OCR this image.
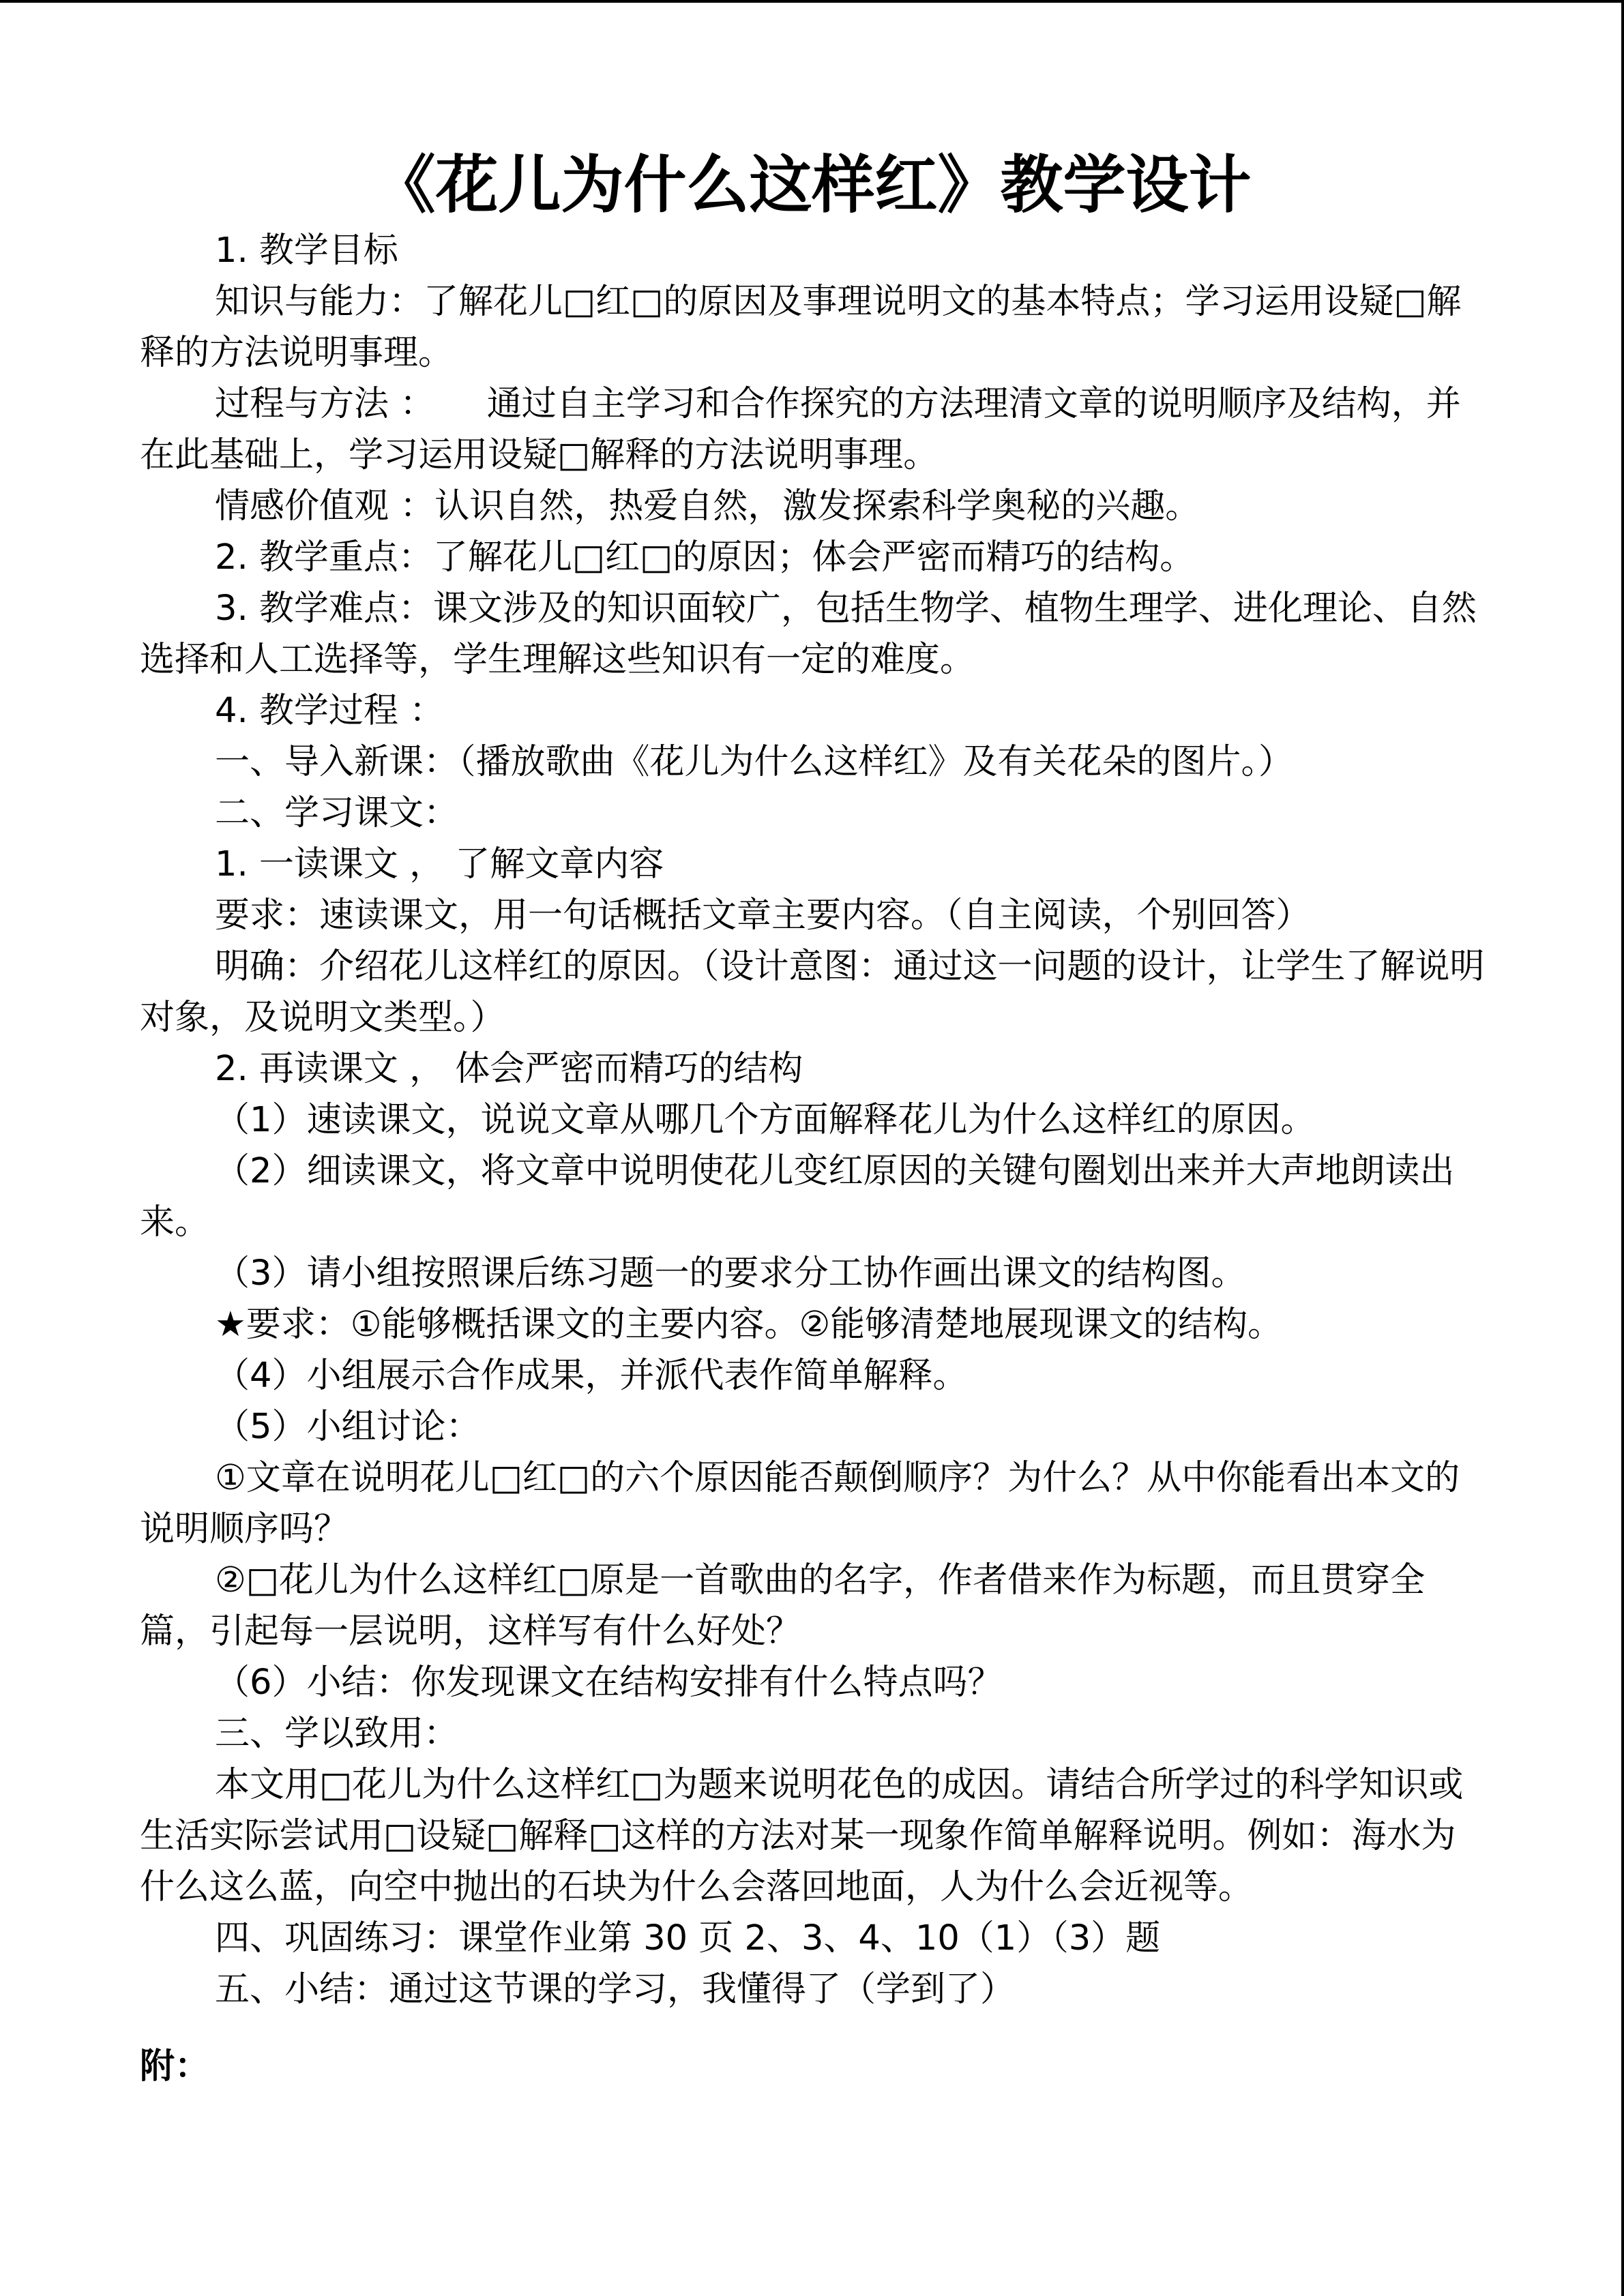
《花儿为什么这样红》教学设计

1. 教学目标

知识与能力：了解花儿□红□的原因及事理说明文的基本特点；学习运用设疑□解释的方法说明事理。

过程与方法 ：　　通过自主学习和合作探究的方法理清文章的说明顺序及结构，并在此基础上，学习运用设疑□解释的方法说明事理。

情感价值观 ：认识自然，热爱自然，激发探索科学奥秘的兴趣。

2. 教学重点：了解花儿□红□的原因；体会严密而精巧的结构。

3. 教学难点：课文涉及的知识面较广，包括生物学、植物生理学、进化理论、自然选择和人工选择等，学生理解这些知识有一定的难度。

4. 教学过程 ：

一、导入新课：（播放歌曲《花儿为什么这样红》及有关花朵的图片。）

二、学习课文：

1. 一读课文 ， 了解文章内容

要求：速读课文，用一句话概括文章主要内容。（自主阅读，个别回答）

明确：介绍花儿这样红的原因。（设计意图：通过这一问题的设计，让学生了解说明对象，及说明文类型。）

2. 再读课文 ， 体会严密而精巧的结构

（1）速读课文，说说文章从哪几个方面解释花儿为什么这样红的原因。

（2）细读课文，将文章中说明使花儿变红原因的关键句圈划出来并大声地朗读出来。

（3）请小组按照课后练习题一的要求分工协作画出课文的结构图。

★要求：①能够概括课文的主要内容。②能够清楚地展现课文的结构。

（4）小组展示合作成果，并派代表作简单解释。

（5）小组讨论：

①文章在说明花儿□红□的六个原因能否颠倒顺序？为什么？从中你能看出本文的说明顺序吗？

②□花儿为什么这样红□原是一首歌曲的名字，作者借来作为标题，而且贯穿全篇，引起每一层说明，这样写有什么好处？

（6）小结：你发现课文在结构安排有什么特点吗？

三、学以致用：

本文用□花儿为什么这样红□为题来说明花色的成因。请结合所学过的科学知识或生活实际尝试用□设疑□解释□这样的方法对某一现象作简单解释说明。例如：海水为什么这么蓝，向空中抛出的石块为什么会落回地面，人为什么会近视等。

四、巩固练习：课堂作业第 30 页 2、3、4、10（1）（3）题

五、小结：通过这节课的学习，我懂得了（学到了）

附：
